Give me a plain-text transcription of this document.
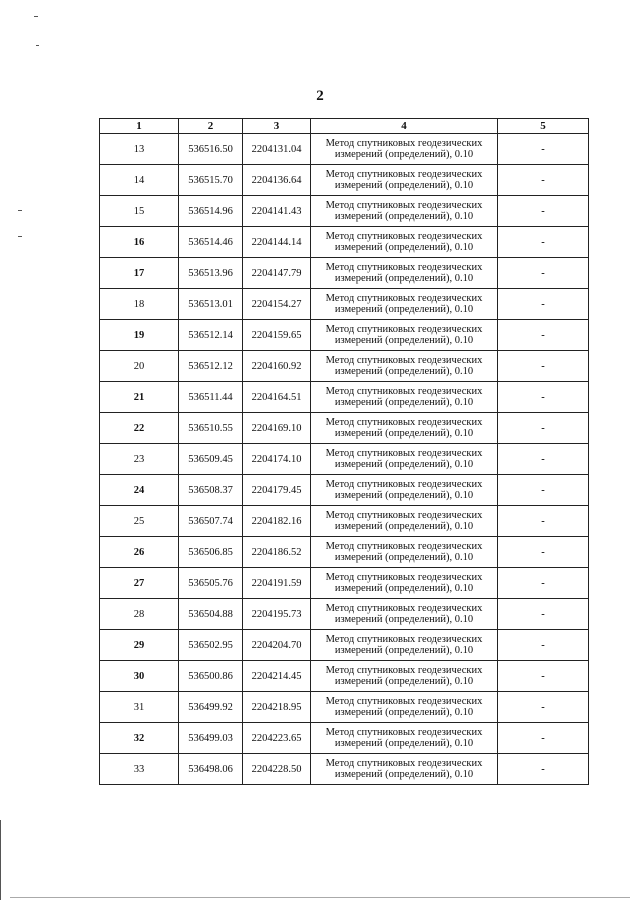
2
1	2	3	4	5
13	536516.50	2204131.04	Метод спутниковых геодезических
измерений (определений), 0.10	-
14	536515.70	2204136.64	Метод спутниковых геодезических
измерений (определений), 0.10	-
15	536514.96	2204141.43	Метод спутниковых геодезических
измерений (определений), 0.10	-
16	536514.46	2204144.14	Метод спутниковых геодезических
измерений (определений), 0.10	-
17	536513.96	2204147.79	Метод спутниковых геодезических
измерений (определений), 0.10	-
18	536513.01	2204154.27	Метод спутниковых геодезических
измерений (определений), 0.10	-
19	536512.14	2204159.65	Метод спутниковых геодезических
измерений (определений), 0.10	-
20	536512.12	2204160.92	Метод спутниковых геодезических
измерений (определений), 0.10	-
21	536511.44	2204164.51	Метод спутниковых геодезических
измерений (определений), 0.10	-
22	536510.55	2204169.10	Метод спутниковых геодезических
измерений (определений), 0.10	-
23	536509.45	2204174.10	Метод спутниковых геодезических
измерений (определений), 0.10	-
24	536508.37	2204179.45	Метод спутниковых геодезических
измерений (определений), 0.10	-
25	536507.74	2204182.16	Метод спутниковых геодезических
измерений (определений), 0.10	-
26	536506.85	2204186.52	Метод спутниковых геодезических
измерений (определений), 0.10	-
27	536505.76	2204191.59	Метод спутниковых геодезических
измерений (определений), 0.10	-
28	536504.88	2204195.73	Метод спутниковых геодезических
измерений (определений), 0.10	-
29	536502.95	2204204.70	Метод спутниковых геодезических
измерений (определений), 0.10	-
30	536500.86	2204214.45	Метод спутниковых геодезических
измерений (определений), 0.10	-
31	536499.92	2204218.95	Метод спутниковых геодезических
измерений (определений), 0.10	-
32	536499.03	2204223.65	Метод спутниковых геодезических
измерений (определений), 0.10	-
33	536498.06	2204228.50	Метод спутниковых геодезических
измерений (определений), 0.10	-
